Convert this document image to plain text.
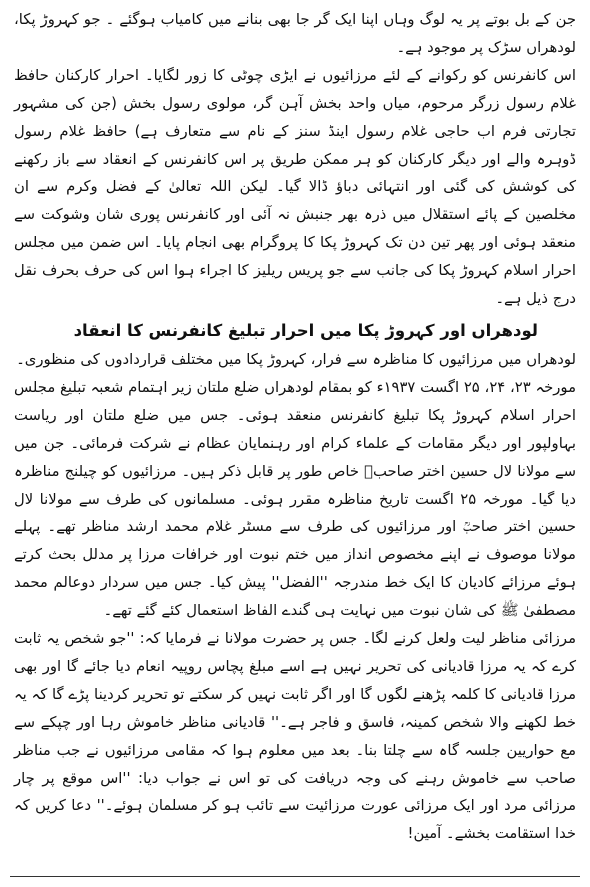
جن کے بل بوتے پر یہ لوگ وہاں اپنا ایک گر جا بھی بنانے میں کامیاب ہوگئے ۔ جو کہروڑ پکا، لودھراں سڑک پر موجود ہے۔

اس کانفرنس کو رکوانے کے لئے مرزائیوں نے ایڑی چوٹی کا زور لگایا۔ احرار کارکنان حافظ غلام رسول زرگر مرحوم، میاں واحد بخش آہن گر، مولوی رسول بخش (جن کی مشہور تجارتی فرم اب حاجی غلام رسول اینڈ سنز کے نام سے متعارف ہے) حافظ غلام رسول ڈوہرہ والے اور دیگر کارکنان کو ہر ممکن طریق پر اس کانفرنس کے انعقاد سے باز رکھنے کی کوشش کی گئی اور انتہائی دباؤ ڈالا گیا۔ لیکن اللہ تعالیٰ کے فضل وکرم سے ان مخلصین کے پائے استقلال میں ذرہ بھر جنبش نہ آئی اور کانفرنس پوری شان وشوکت سے منعقد ہوئی اور پھر تین دن تک کہروڑ پکا کا پروگرام بھی انجام پایا۔ اس ضمن میں مجلس احرار اسلام کہروڑ پکا کی جانب سے جو پریس ریلیز کا اجراء ہوا اس کی حرف بحرف نقل درج ذیل ہے۔

لودھراں اور کہروڑ پکا میں احرار تبلیغ کانفرنس کا انعقاد

لودھراں میں مرزائیوں کا مناظرہ سے فرار، کہروڑ پکا میں مختلف قراردادوں کی منظوری۔

مورخہ ۲۳، ۲۴، ۲۵ اگست ۱۹۳۷ء کو بمقام لودھراں ضلع ملتان زیر اہتمام شعبہ تبلیغ مجلس احرار اسلام کہروڑ پکا تبلیغ کانفرنس منعقد ہوئی۔ جس میں ضلع ملتان اور ریاست بہاولپور اور دیگر مقامات کے علماء کرام اور رہنمایان عظام نے شرکت فرمائی۔ جن میں سے مولانا لال حسین اختر صاحبؒ خاص طور پر قابل ذکر ہیں۔ مرزائیوں کو چیلنج مناظرہ دیا گیا۔ مورخہ ۲۵ اگست تاریخ مناظرہ مقرر ہوئی۔ مسلمانوں کی طرف سے مولانا لال حسین اختر صاحبؒ اور مرزائیوں کی طرف سے مسٹر غلام محمد ارشد مناظر تھے۔ پہلے مولانا موصوف نے اپنے مخصوص انداز میں ختم نبوت اور خرافات مرزا پر مدلل بحث کرتے ہوئے مرزائے کادیان کا ایک خط مندرجہ ''الفضل'' پیش کیا۔ جس میں سردار دوعالم محمد مصطفیٰ ﷺ کی شان نبوت میں نہایت ہی گندے الفاظ استعمال کئے گئے تھے۔

مرزائی مناظر لیت ولعل کرنے لگا۔ جس پر حضرت مولانا نے فرمایا کہ: ''جو شخص یہ ثابت کرے کہ یہ مرزا قادیانی کی تحریر نہیں ہے اسے مبلغ پچاس روپیہ انعام دیا جائے گا اور بھی مرزا قادیانی کا کلمہ پڑھنے لگوں گا اور اگر ثابت نہیں کر سکتے تو تحریر کردینا پڑے گا کہ یہ خط لکھنے والا شخص کمینہ، فاسق و فاجر ہے۔'' قادیانی مناظر خاموش رہا اور چپکے سے مع حواریین جلسہ گاہ سے چلتا بنا۔ بعد میں معلوم ہوا کہ مقامی مرزائیوں نے جب مناظر صاحب سے خاموش رہنے کی وجہ دریافت کی تو اس نے جواب دیا: ''اس موقع پر چار مرزائی مرد اور ایک مرزائی عورت مرزائیت سے تائب ہو کر مسلمان ہوئے۔'' دعا کریں کہ خدا استقامت بخشے۔ آمین!
